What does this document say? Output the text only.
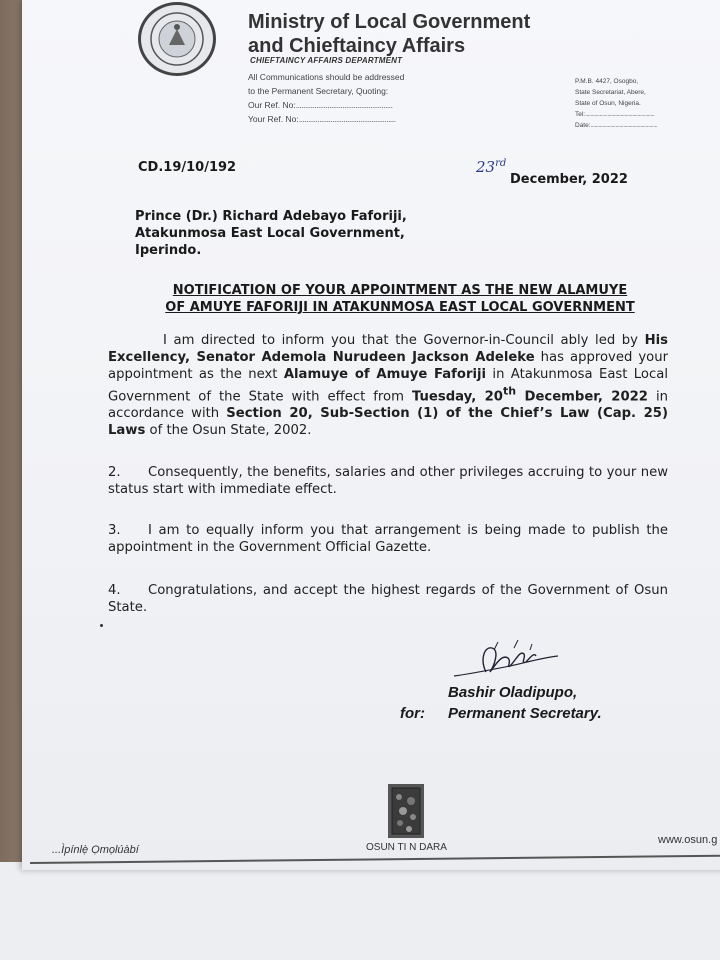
Ministry of Local Government
and Chieftaincy Affairs
CHIEFTAINCY AFFAIRS DEPARTMENT
All Communications should be addressed
to the Permanent Secretary, Quoting:
Our Ref. No:....................................................
Your Ref. No:....................................................
P.M.B. 4427, Osogbo,
State Secretariat, Abere,
State of Osun, Nigeria.
Tel:.....................................................
Date:...................................................
CD.19/10/192	23rd
December, 2022
Prince (Dr.) Richard Adebayo Faforiji,
Atakunmosa East Local Government,
Iperindo.
NOTIFICATION OF YOUR APPOINTMENT AS THE NEW ALAMUYE
OF AMUYE FAFORIJI IN ATAKUNMOSA EAST LOCAL GOVERNMENT
I am directed to inform you that the Governor-in-Council ably led by His Excellency, Senator Ademola Nurudeen Jackson Adeleke has approved your appointment as the next Alamuye of Amuye Faforiji in Atakunmosa East Local Government of the State with effect from Tuesday, 20th December, 2022 in accordance with Section 20, Sub-Section (1) of the Chief’s Law (Cap. 25) Laws of the Osun State, 2002.
2. Consequently, the benefits, salaries and other privileges accruing to your new status start with immediate effect.
3. I am to equally inform you that arrangement is being made to publish the appointment in the Government Official Gazette.
4. Congratulations, and accept the highest regards of the Government of Osun State.
Bashir Oladipupo,
for: Permanent Secretary.
...Ìpínlẹ̀ Ọmọlúàbí	OSUN TI N DARA
www.osun.g
